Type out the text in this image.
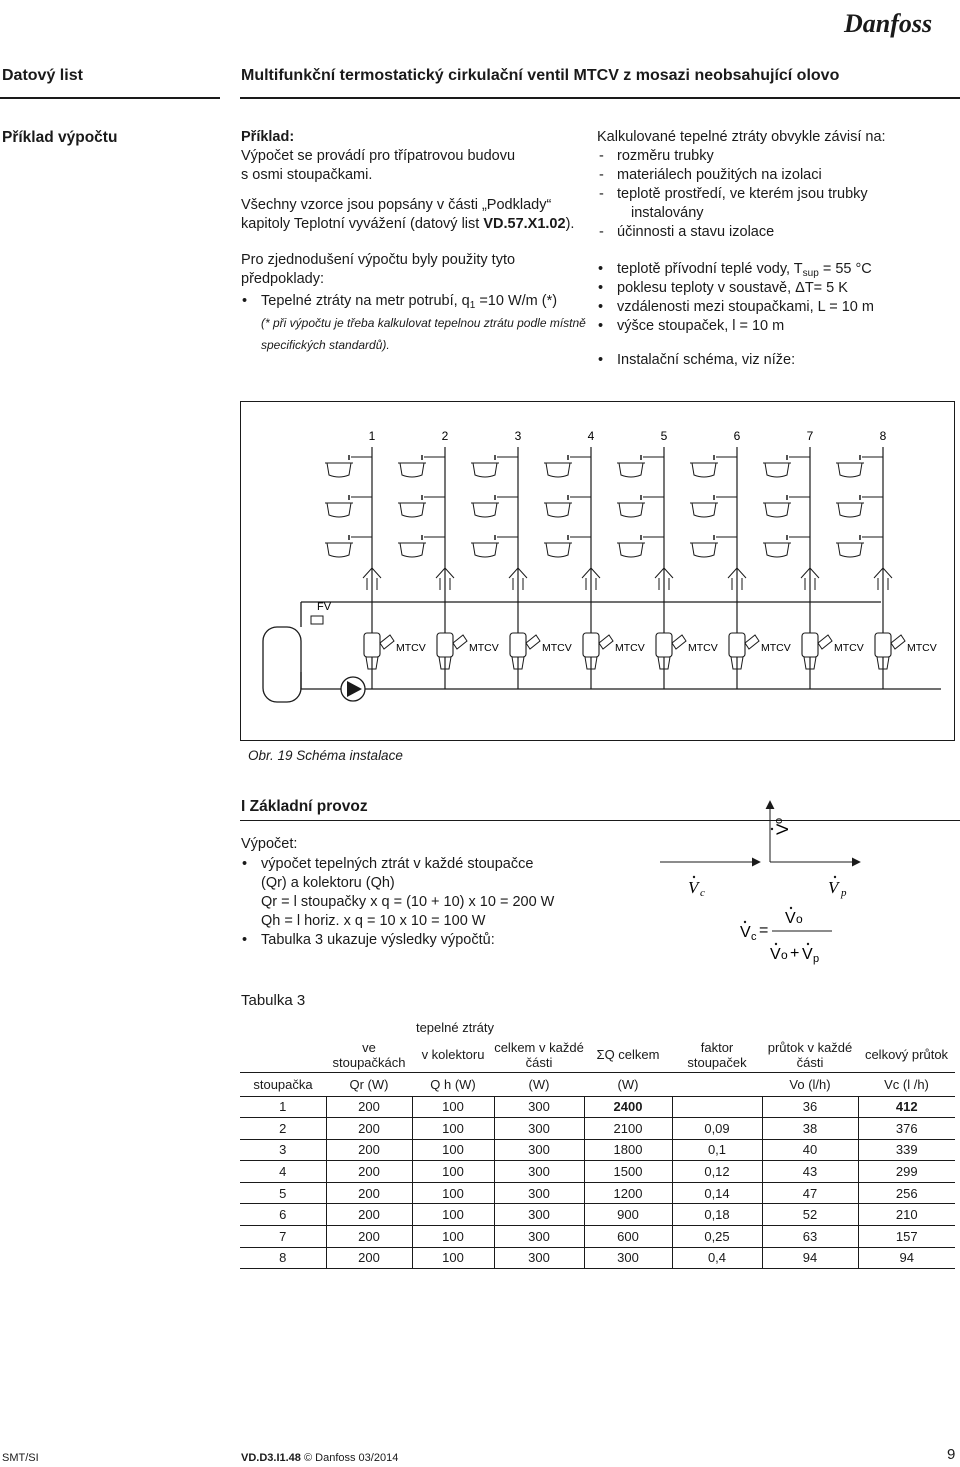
Danfoss
Datový list	Multifunkční termostatický cirkulační ventil MTCV z mosazi neobsahující olovo
Příklad výpočtu	Příklad:

Výpočet se provádí pro třípatrovou budovu

s osmi stoupačkami.

Všechny vzorce jsou popsány v části „Podklady“

kapitoly Teplotní vyvážení (datový list VD.57.X1.02).

Pro zjednodušení výpočtu byly použity tyto

předpoklady:

• Tepelné ztráty na metr potrubí, $q_1 =10$ W/m (*)

(* při výpočtu je třeba kalkulovat tepelnou ztrátu podle místně

specifických standardů).

Kalkulované tepelné ztráty obvykle závisí na:

- rozměru trubky
- materiálech použitých na izolaci
- teplotě prostředí, ve kterém jsou trubky

instalovány

- účinnosti a stavu izolace
• teplotě přívodní teplé vody, $T_{sup} = 55$ °C
• poklesu teploty v soustavě, ΔT= 5 K
• vzdálenosti mezi stoupačkami, L = 10 m
• výšce stoupaček, l = 10 m
• Instalační schéma, viz níže:
FV
1
MTCV
2
MTCV
3
MTCV
4
MTCV
5
MTCV
6
MTCV
7
MTCV
8
MTCV
Obr. 19 Schéma instalace
I Základní provoz

Výpočet:

• výpočet tepelných ztrát v každé stoupačce

(Qr) a kolektoru (Qh)

Qr = l stoupačky x q = (10 + 10) x 10 = 200 W

Qh = l horiz. x q = 10 x 10 = 100 W

• Tabulka 3 ukazuje výsledky výpočtů:
V
o
V c	V p
V c =
V o
V o + V p
Tabulka 3
	tepelné ztráty						
	ve stoupačkách	v kolektoru	celkem v každé části	ΣQ celkem	faktor stoupaček	průtok v každé části	celkový průtok
stoupačka	Qr (W)	Q h (W)	(W)	(W)		Vo (l/h)	Vc (l /h)
1	200	100	300	2400		36	412
2	200	100	300	2100	0,09	38	376
3	200	100	300	1800	0,1	40	339
4	200	100	300	1500	0,12	43	299
5	200	100	300	1200	0,14	47	256
6	200	100	300	900	0,18	52	210
7	200	100	300	600	0,25	63	157
8	200	100	300	300	0,4	94	94
SMT/SI	VD.D3.I1.48 © Danfoss 03/2014	9
